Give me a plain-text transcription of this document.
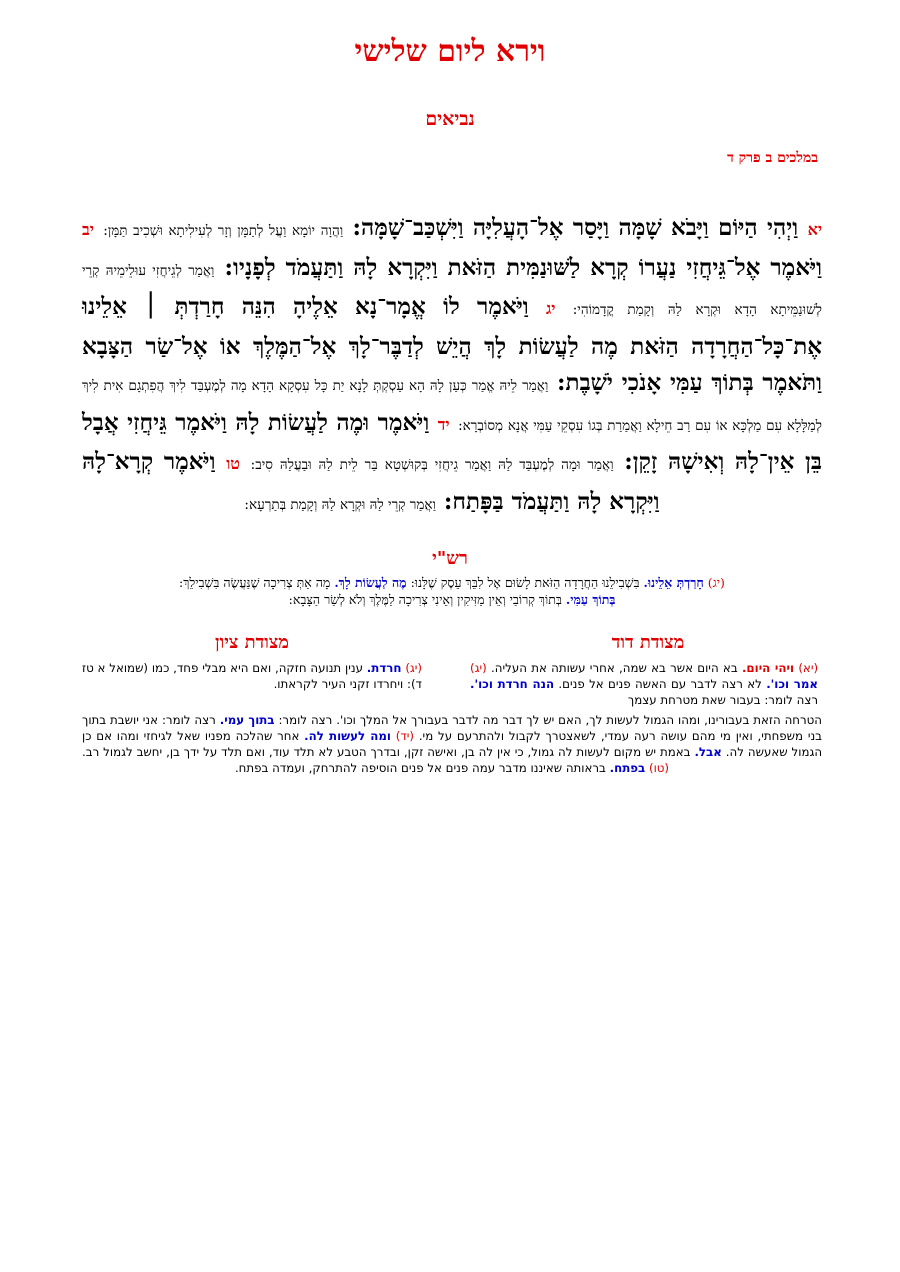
וירא ליום שלישי
נביאים
במלכים ב פרק ד
יא וַיְהִי הַיּוֹם וַיָּבֹא שָׁמָּה וַיָּסַר אֶל־הָעֲלִיָּה וַיִּשְׁכַּב־שָׁמָּה: וַהֲוָה יוֹמָא וַעֲל לְתַמָּן וְזָר לְעִילִיתָא וּשְׁכִיב תַּמָּן: יב וַיֹּאמֶר אֶל־גֵּיחֲזִי נַעֲרוֹ קְרָא לַשּׁוּנַמִּית הַזֹּאת וַיִּקְרָא לָהּ וַתַּעֲמֹד לְפָנָיו: וַאֲמַר לְגֵיחֲזִי עוּלֵימֵיהּ קְרֵי לְשׁוּנַמֵּיתָא הָדָא וּקְרָא לַהּ וְקָמַת קֳדָמוֹהִי: יג וַיֹּאמֶר לוֹ אֱמָר־נָא אֵלֶיהָ הִנֵּה חָרַדְתְּ ׀ אֵלֵינוּ אֶת־כָּל־הַחֲרָדָה הַזֹּאת מֶה לַעֲשׂוֹת לָךְ הֲיֵשׁ לְדַבֶּר־לָךְ אֶל־הַמֶּלֶךְ אוֹ אֶל־שַׂר הַצָּבָא וַתֹּאמֶר בְּתוֹךְ עַמִּי אָנֹכִי יֹשָׁבֶת: וַאֲמַר לֵיהּ אֱמַר כְּעַן לָהּ הָא עַסְקְתְּ לָנָא יַת כָּל עִסְקָא הָדָא מָה לְמֶעְבַּד לִיךְ הֲפִתְגָם אִית לִיךְ לְמַלָּלָא עִם מַלְכָּא אוֹ עִם רַב חֵילָא וַאֲמַרַת בְּגוֹ עִסְקֵי עַמִּי אֲנָא מְסוֹבְרָא: יד וַיֹּאמֶר וּמֶה לַעֲשׂוֹת לָהּ וַיֹּאמֶר גֵּיחֲזִי אֲבָל בֵּן אֵין־לָהּ וְאִישָׁהּ זָקֵן: וַאֲמַר וּמָה לְמֶעְבַּד לַהּ וַאֲמַר גֵיחֲזִי בְּקוּשְׁטָא בַּר לֵית לַהּ וּבַעֲלַהּ סִיב: טו וַיֹּאמֶר קְרָא־לָהּ וַיִּקְרָא לָהּ וַתַּעֲמֹד בַּפָּתַח: וַאֲמַר קְרֵי לַהּ וּקְרָא לַהּ וְקָמַת בְּתַרְעָא:
רש"י
(יג) חָרַדְתְּ אֵלֵינוּ. בִּשְׁבִילֵנוּ הַחֲרָדָה הַזֹּאת לָשׂוּם אֶל לִבֵּךְ עֵסֶק שֶׁלָּנוּ: מֶה לַעֲשׂוֹת לָךְ. מָה אַתְּ צְרִיכָה שֶׁנַּעֲשֶׂה בִּשְׁבִילֵךְ:
בְּתוֹךְ עַמִּי. בְּתוֹךְ קְרוֹבַי וְאֵין מַזִּיקִין וְאֵינִי צְרִיכָה לַמֶּלֶךְ וְלֹא לְשַׂר הַצָּבָא:
מצודת דוד
מצודת ציון
(יא) ויהי היום. בא היום אשר בא שמה, אחרי עשותה את העליה. (יג) אמר וכו'. לא רצה לדבר עם האשה פנים אל פנים. הנה חרדת וכו'. רצה לומר: בעבור שאת מטרחת עצמך
(יג) חרדת. ענין תנועה חזקה, ואם היא מבלי פחד, כמו (שמואל א טז ד): ויחרדו זקני העיר לקראתו.
הטרחה הזאת בעבורינו, ומהו הגמול לעשות לך, האם יש לך דבר מה לדבר בעבורך אל המלך וכו'. רצה לומר: בתוך עמי. רצה לומר: אני יושבת בתוך בני משפחתי, ואין מי מהם עושה רעה עמדי, לשאצטרך לקבול ולהתרעם על מי. (יד) ומה לעשות לה. אחר שהלכה מפניו שאל לגיחזי ומהו אם כן הגמול שאעשה לה. אבל. באמת יש מקום לעשות לה גמול, כי אין לה בן, ואישה זקן, ובדרך הטבע לא תלד עוד, ואם תלד על ידך בן, יחשב לגמול רב. (טו) בפתח. בראותה שאיננו מדבר עמה פנים אל פנים הוסיפה להתרחק, ועמדה בפתח.
